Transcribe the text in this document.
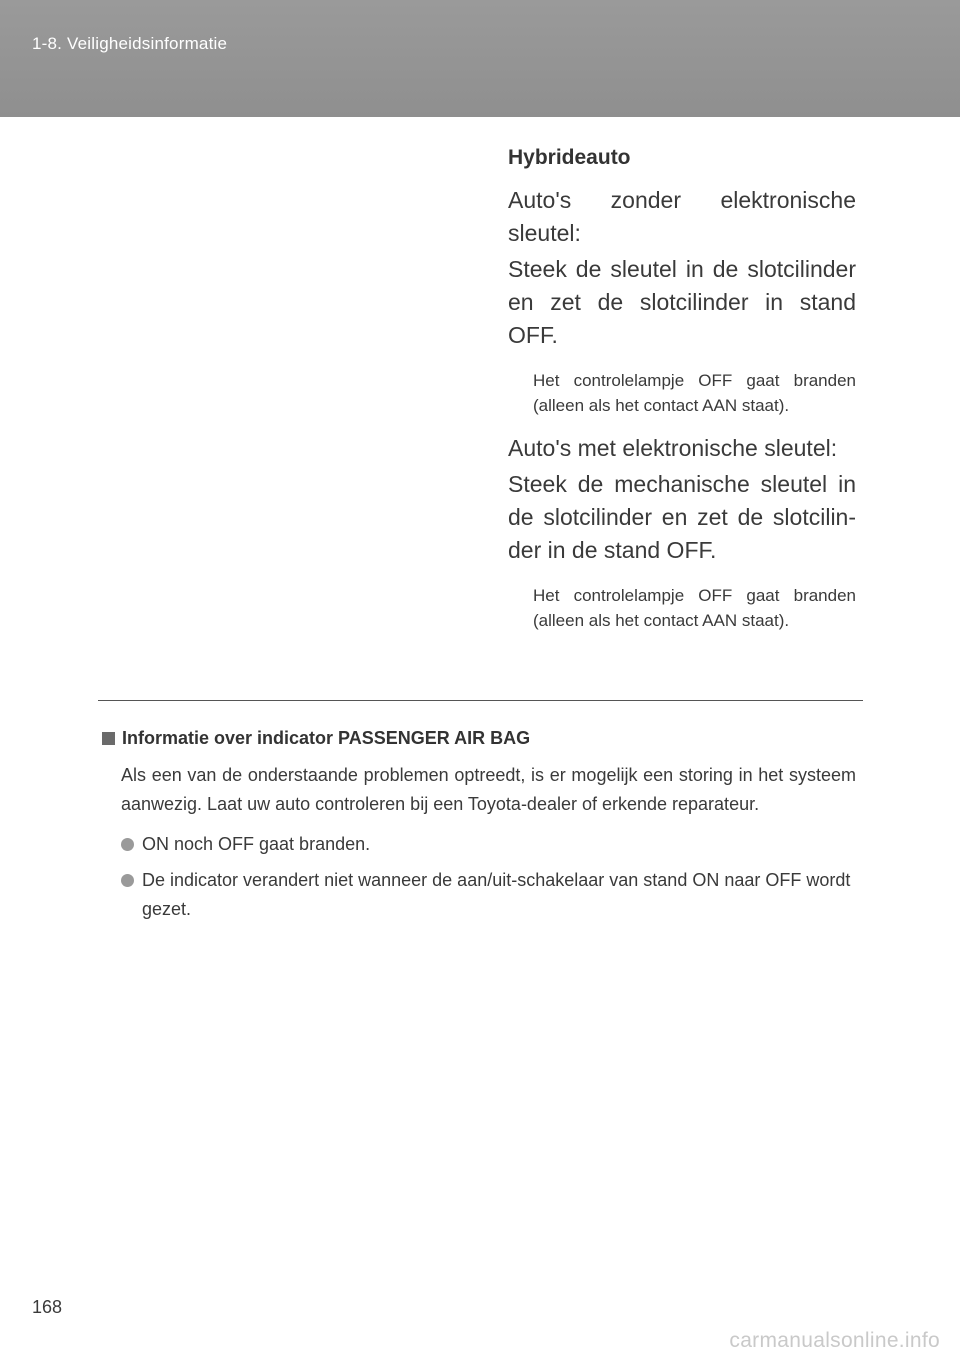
1-8. Veiligheidsinformatie
Hybrideauto
Auto's zonder elektronische sleutel:
Steek de sleutel in de slotcilinder en zet de slotcilinder in stand OFF.
Het controlelampje OFF gaat branden (alleen als het contact AAN staat).
Auto's met elektronische sleutel:
Steek de mechanische sleutel in de slotcilinder en zet de slotcilin-der in de stand OFF.
Het controlelampje OFF gaat branden (alleen als het contact AAN staat).
Informatie over indicator PASSENGER AIR BAG
Als een van de onderstaande problemen optreedt, is er mogelijk een storing in het systeem aanwezig. Laat uw auto controleren bij een Toyota-dealer of erkende reparateur.
ON noch OFF gaat branden.
De indicator verandert niet wanneer de aan/uit-schakelaar van stand ON naar OFF wordt gezet.
168
carmanualsonline.info
